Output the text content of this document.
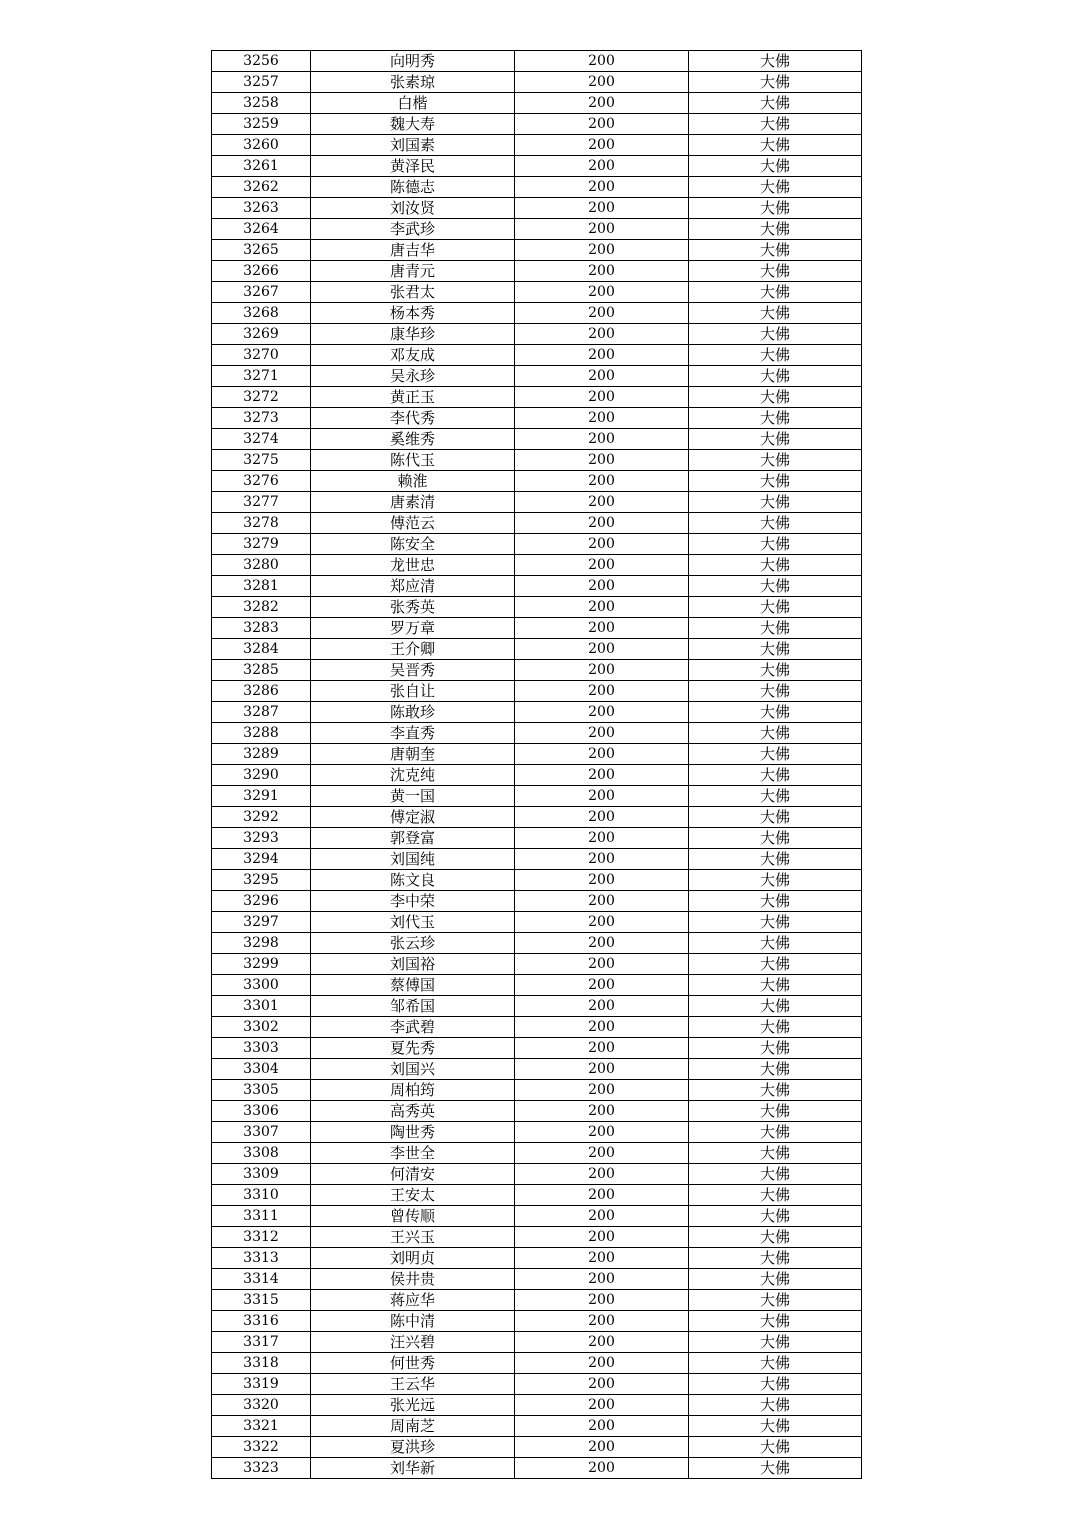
3256	向明秀	200	大佛
3257	张素琼	200	大佛
3258	白楷	200	大佛
3259	魏大寿	200	大佛
3260	刘国素	200	大佛
3261	黄泽民	200	大佛
3262	陈德志	200	大佛
3263	刘汝贤	200	大佛
3264	李武珍	200	大佛
3265	唐吉华	200	大佛
3266	唐青元	200	大佛
3267	张君太	200	大佛
3268	杨本秀	200	大佛
3269	康华珍	200	大佛
3270	邓友成	200	大佛
3271	吴永珍	200	大佛
3272	黄正玉	200	大佛
3273	李代秀	200	大佛
3274	奚维秀	200	大佛
3275	陈代玉	200	大佛
3276	赖淮	200	大佛
3277	唐素清	200	大佛
3278	傅范云	200	大佛
3279	陈安全	200	大佛
3280	龙世忠	200	大佛
3281	郑应清	200	大佛
3282	张秀英	200	大佛
3283	罗万章	200	大佛
3284	王介卿	200	大佛
3285	吴晋秀	200	大佛
3286	张自让	200	大佛
3287	陈敢珍	200	大佛
3288	李直秀	200	大佛
3289	唐朝奎	200	大佛
3290	沈克纯	200	大佛
3291	黄一国	200	大佛
3292	傅定淑	200	大佛
3293	郭登富	200	大佛
3294	刘国纯	200	大佛
3295	陈文良	200	大佛
3296	李中荣	200	大佛
3297	刘代玉	200	大佛
3298	张云珍	200	大佛
3299	刘国裕	200	大佛
3300	蔡傅国	200	大佛
3301	邹希国	200	大佛
3302	李武碧	200	大佛
3303	夏先秀	200	大佛
3304	刘国兴	200	大佛
3305	周柏筠	200	大佛
3306	高秀英	200	大佛
3307	陶世秀	200	大佛
3308	李世全	200	大佛
3309	何清安	200	大佛
3310	王安太	200	大佛
3311	曾传顺	200	大佛
3312	王兴玉	200	大佛
3313	刘明贞	200	大佛
3314	侯井贵	200	大佛
3315	蒋应华	200	大佛
3316	陈中清	200	大佛
3317	汪兴碧	200	大佛
3318	何世秀	200	大佛
3319	王云华	200	大佛
3320	张光远	200	大佛
3321	周南芝	200	大佛
3322	夏洪珍	200	大佛
3323	刘华新	200	大佛
